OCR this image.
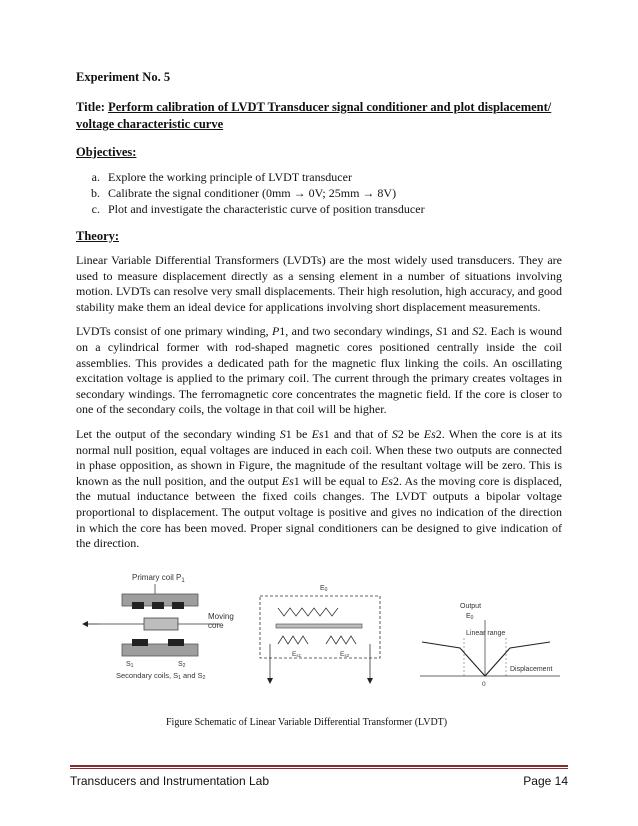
Experiment No. 5
Title: Perform calibration of LVDT Transducer signal conditioner and plot displacement/ voltage characteristic curve
Objectives:
a. Explore the working principle of LVDT transducer
b. Calibrate the signal conditioner (0mm → 0V; 25mm → 8V)
c. Plot and investigate the characteristic curve of position transducer
Theory:

Linear Variable Differential Transformers (LVDTs) are the most widely used transducers. They are used to measure displacement directly as a sensing element in a number of situations involving motion. LVDTs can resolve very small displacements. Their high resolution, high accuracy, and good stability make them an ideal device for applications involving short displacement measurements.

LVDTs consist of one primary winding, P1, and two secondary windings, S1 and S2. Each is wound on a cylindrical former with rod-shaped magnetic cores positioned centrally inside the coil assemblies. This provides a dedicated path for the magnetic flux linking the coils. An oscillating excitation voltage is applied to the primary coil. The current through the primary creates voltages in secondary windings. The ferromagnetic core concentrates the magnetic field. If the core is closer to one of the secondary coils, the voltage in that coil will be higher.

Let the output of the secondary winding S1 be Es1 and that of S2 be Es2. When the core is at its normal null position, equal voltages are induced in each coil. When these two outputs are connected in phase opposition, as shown in Figure, the magnitude of the resultant voltage will be zero. This is known as the null position, and the output Es1 will be equal to Es2. As the moving core is displaced, the mutual inductance between the fixed coils changes. The LVDT outputs a bipolar voltage proportional to displacement. The output voltage is positive and gives no indication of the direction in which the core has been moved. Proper signal conditioners can be designed to give indication of the direction.

Primary coil $P_1$
Moving
core
S1	S2
Secondary coils, S1 and S2
E0
Es1	Es2
Output
E0
Linear range
Displacement
0
Figure Schematic of Linear Variable Differential Transformer (LVDT)
Transducers and Instrumentation Lab	Page 14
